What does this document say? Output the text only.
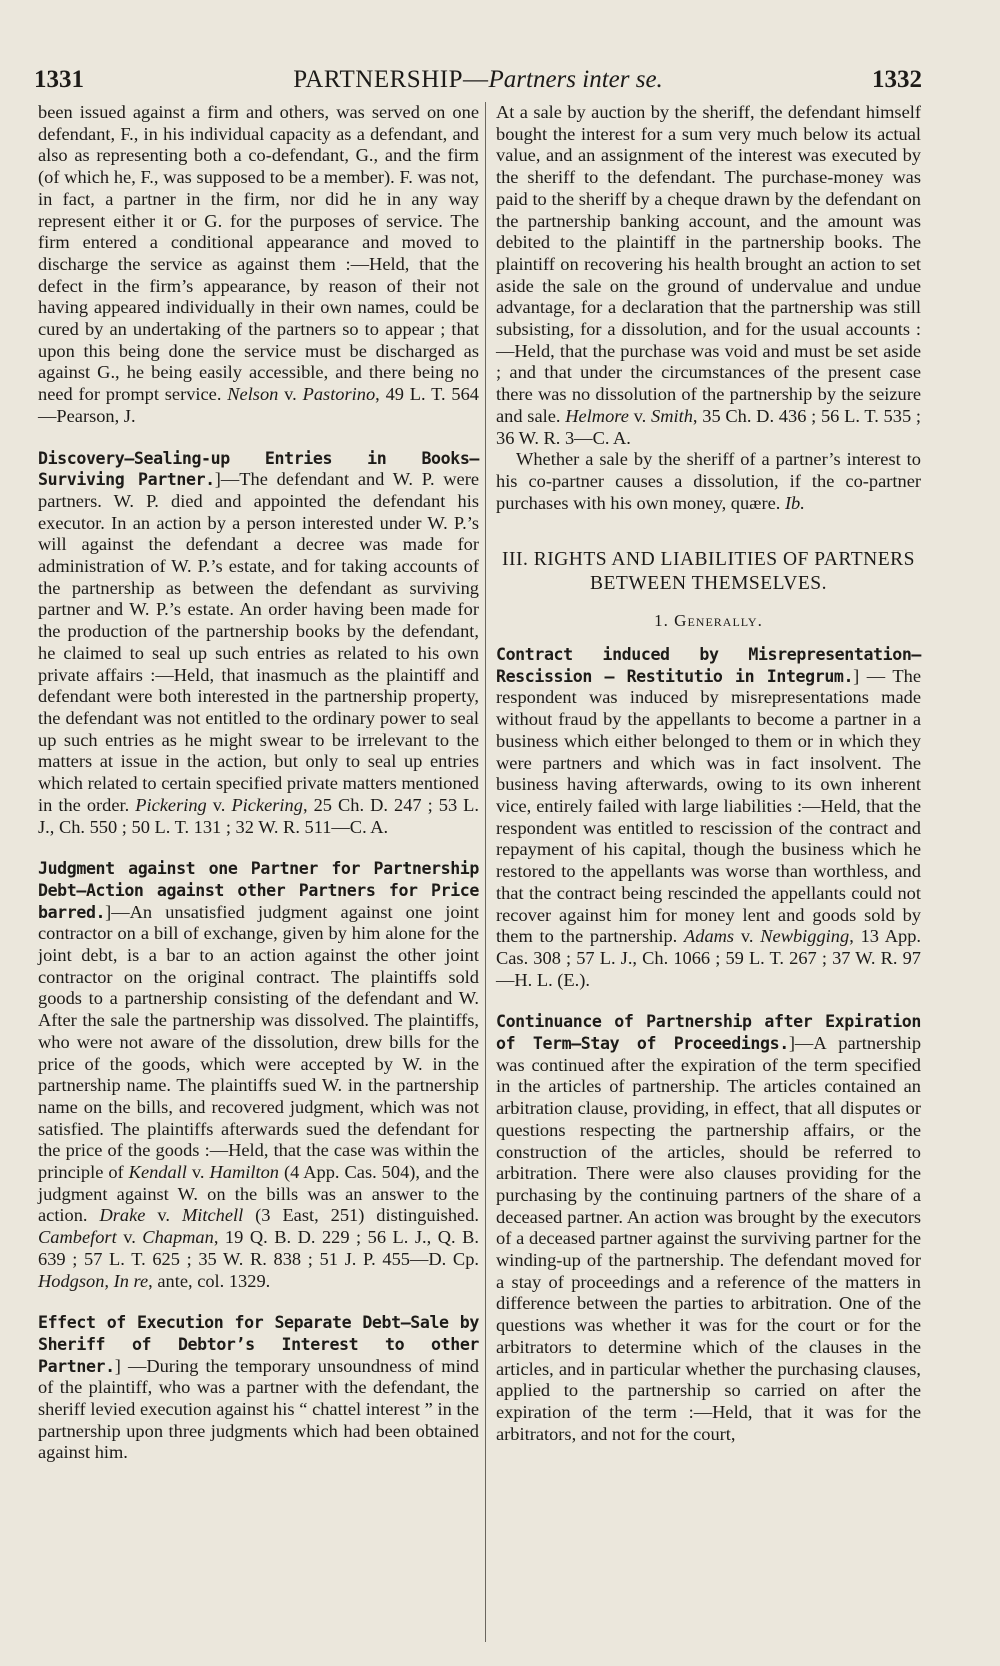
1331	PARTNERSHIP—Partners inter se.	1332

been issued against a firm and others, was served on one defendant, F., in his individual capacity as a defendant, and also as representing both a co-defendant, G., and the firm (of which he, F., was supposed to be a member). F. was not, in fact, a partner in the firm, nor did he in any way represent either it or G. for the purposes of service. The firm entered a conditional appearance and moved to discharge the service as against them :—Held, that the defect in the firm’s appearance, by reason of their not having appeared individually in their own names, could be cured by an undertaking of the partners so to appear ; that upon this being done the service must be discharged as against G., he being easily accessible, and there being no need for prompt service. Nelson v. Pastorino, 49 L. T. 564—Pearson, J.

Discovery—Sealing-up Entries in Books—Surviving Partner.]—The defendant and W. P. were partners. W. P. died and appointed the defendant his executor. In an action by a person interested under W. P.’s will against the defendant a decree was made for administration of W. P.’s estate, and for taking accounts of the partnership as between the defendant as surviving partner and W. P.’s estate. An order having been made for the production of the partnership books by the defendant, he claimed to seal up such entries as related to his own private affairs :—Held, that inasmuch as the plaintiff and defendant were both interested in the partnership property, the defendant was not entitled to the ordinary power to seal up such entries as he might swear to be irrelevant to the matters at issue in the action, but only to seal up entries which related to certain specified private matters mentioned in the order. Pickering v. Pickering, 25 Ch. D. 247 ; 53 L. J., Ch. 550 ; 50 L. T. 131 ; 32 W. R. 511—C. A.

Judgment against one Partner for Partnership Debt—Action against other Partners for Price barred.]—An unsatisfied judgment against one joint contractor on a bill of exchange, given by him alone for the joint debt, is a bar to an action against the other joint contractor on the original contract. The plaintiffs sold goods to a partnership consisting of the defendant and W. After the sale the partnership was dissolved. The plaintiffs, who were not aware of the dissolution, drew bills for the price of the goods, which were accepted by W. in the partnership name. The plaintiffs sued W. in the partnership name on the bills, and recovered judgment, which was not satisfied. The plaintiffs afterwards sued the defendant for the price of the goods :—Held, that the case was within the principle of Kendall v. Hamilton (4 App. Cas. 504), and the judgment against W. on the bills was an answer to the action. Drake v. Mitchell (3 East, 251) distinguished. Cambefort v. Chapman, 19 Q. B. D. 229 ; 56 L. J., Q. B. 639 ; 57 L. T. 625 ; 35 W. R. 838 ; 51 J. P. 455—D. Cp. Hodgson, In re, ante, col. 1329.

Effect of Execution for Separate Debt—Sale by Sheriff of Debtor’s Interest to other Partner.] —During the temporary unsoundness of mind of the plaintiff, who was a partner with the defendant, the sheriff levied execution against his “ chattel interest ” in the partnership upon three judgments which had been obtained against him.

At a sale by auction by the sheriff, the defendant himself bought the interest for a sum very much below its actual value, and an assignment of the interest was executed by the sheriff to the defendant. The purchase-money was paid to the sheriff by a cheque drawn by the defendant on the partnership banking account, and the amount was debited to the plaintiff in the partnership books. The plaintiff on recovering his health brought an action to set aside the sale on the ground of undervalue and undue advantage, for a declaration that the partnership was still subsisting, for a dissolution, and for the usual accounts :—Held, that the purchase was void and must be set aside ; and that under the circumstances of the present case there was no dissolution of the partnership by the seizure and sale. Helmore v. Smith, 35 Ch. D. 436 ; 56 L. T. 535 ; 36 W. R. 3—C. A.

Whether a sale by the sheriff of a partner’s interest to his co-partner causes a dissolution, if the co-partner purchases with his own money, quære. Ib.

III. RIGHTS AND LIABILITIES OF PARTNERS BETWEEN THEMSELVES.
1. Generally.

Contract induced by Misrepresentation—Rescission — Restitutio in Integrum.] — The respondent was induced by misrepresentations made without fraud by the appellants to become a partner in a business which either belonged to them or in which they were partners and which was in fact insolvent. The business having afterwards, owing to its own inherent vice, entirely failed with large liabilities :—Held, that the respondent was entitled to rescission of the contract and repayment of his capital, though the business which he restored to the appellants was worse than worthless, and that the contract being rescinded the appellants could not recover against him for money lent and goods sold by them to the partnership. Adams v. Newbigging, 13 App. Cas. 308 ; 57 L. J., Ch. 1066 ; 59 L. T. 267 ; 37 W. R. 97—H. L. (E.).

Continuance of Partnership after Expiration of Term—Stay of Proceedings.]—A partnership was continued after the expiration of the term specified in the articles of partnership. The articles contained an arbitration clause, providing, in effect, that all disputes or questions respecting the partnership affairs, or the construction of the articles, should be referred to arbitration. There were also clauses providing for the purchasing by the continuing partners of the share of a deceased partner. An action was brought by the executors of a deceased partner against the surviving partner for the winding-up of the partnership. The defendant moved for a stay of proceedings and a reference of the matters in difference between the parties to arbitration. One of the questions was whether it was for the court or for the arbitrators to determine which of the clauses in the articles, and in particular whether the purchasing clauses, applied to the partnership so carried on after the expiration of the term :—Held, that it was for the arbitrators, and not for the court,
